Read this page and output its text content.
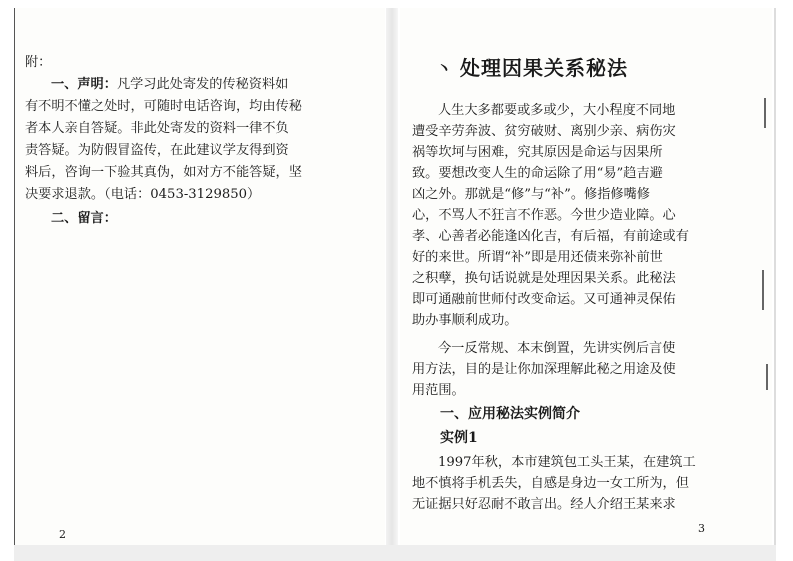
附：
一、声明：凡学习此处寄发的传秘资料如
有不明不懂之处时，可随时电话咨询，均由传秘
者本人亲自答疑。非此处寄发的资料一律不负
责答疑。为防假冒盗传，在此建议学友得到资
料后，咨询一下验其真伪，如对方不能答疑，坚
决要求退款。（电话：0453-3129850）
二、留言：
2
丶 处理因果关系秘法
人生大多都要或多或少，大小程度不同地
遭受辛劳奔波、贫穷破财、离别少亲、病伤灾
祸等坎坷与困难，究其原因是命运与因果所
致。要想改变人生的命运除了用“易”趋吉避
凶之外。那就是“修”与“补”。修指修嘴修
心，不骂人不狂言不作恶。今世少造业障。心
孝、心善者必能逢凶化吉，有后福，有前途或有
好的来世。所谓“补”即是用还债来弥补前世
之积孽，换句话说就是处理因果关系。此秘法
即可通融前世师付改变命运。又可通神灵保佑
助办事顺利成功。
今一反常规、本末倒置，先讲实例后言使
用方法，目的是让你加深理解此秘之用途及使
用范围。
一、应用秘法实例简介
实例1
1997年秋，本市建筑包工头王某，在建筑工
地不慎将手机丢失，自感是身边一女工所为，但
无证据只好忍耐不敢言出。经人介绍王某来求
3
